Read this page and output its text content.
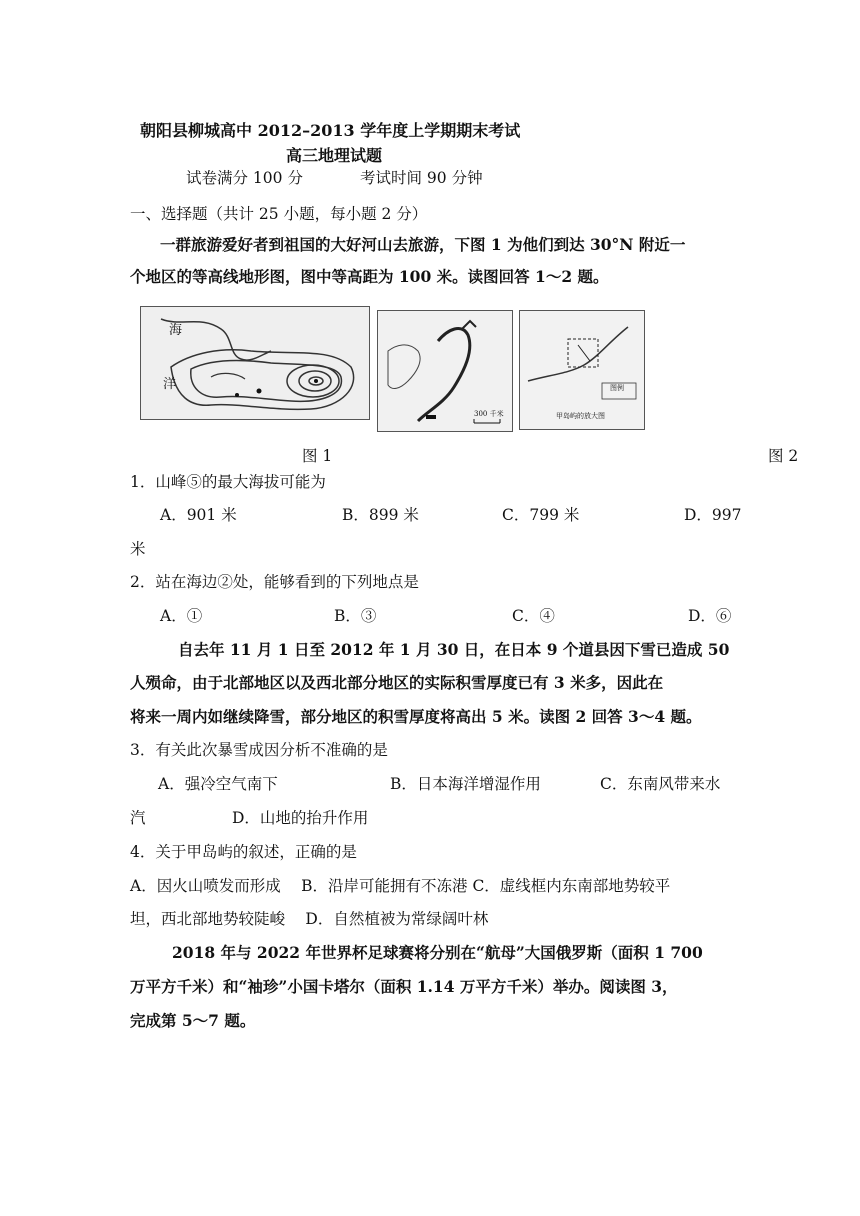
朝阳县柳城高中 2012–2013 学年度上学期期末考试
高三地理试题
试卷满分 100 分	考试时间 90 分钟
一、选择题（共计 25 小题，每小题 2 分）
一群旅游爱好者到祖国的大好河山去旅游，下图 1 为他们到达 30°N 附近一
个地区的等高线地形图，图中等高距为 100 米。读图回答 1～2 题。
海
洋
300 千米
图例
甲岛屿的放大图
图 1	图 2
1．山峰⑤的最大海拔可能为
A．901 米	B．899 米	C．799 米	D．997
米
2．站在海边②处，能够看到的下列地点是
A．①	B．③	C．④	D．⑥
自去年 11 月 1 日至 2012 年 1 月 30 日，在日本 9 个道县因下雪已造成 50
人殒命，由于北部地区以及西北部分地区的实际积雪厚度已有 3 米多，因此在
将来一周内如继续降雪，部分地区的积雪厚度将高出 5 米。读图 2 回答 3～4 题。
3．有关此次暴雪成因分析不准确的是
A．强冷空气南下	B．日本海洋增湿作用	C．东南风带来水
汽	D．山地的抬升作用
4．关于甲岛屿的叙述，正确的是
A．因火山喷发而形成　 B．沿岸可能拥有不冻港 C．虚线框内东南部地势较平
坦，西北部地势较陡峻　 D．自然植被为常绿阔叶林
2018 年与 2022 年世界杯足球赛将分别在“航母”大国俄罗斯（面积 1 700
万平方千米）和“袖珍”小国卡塔尔（面积 1.14 万平方千米）举办。阅读图 3，
完成第 5～7 题。
